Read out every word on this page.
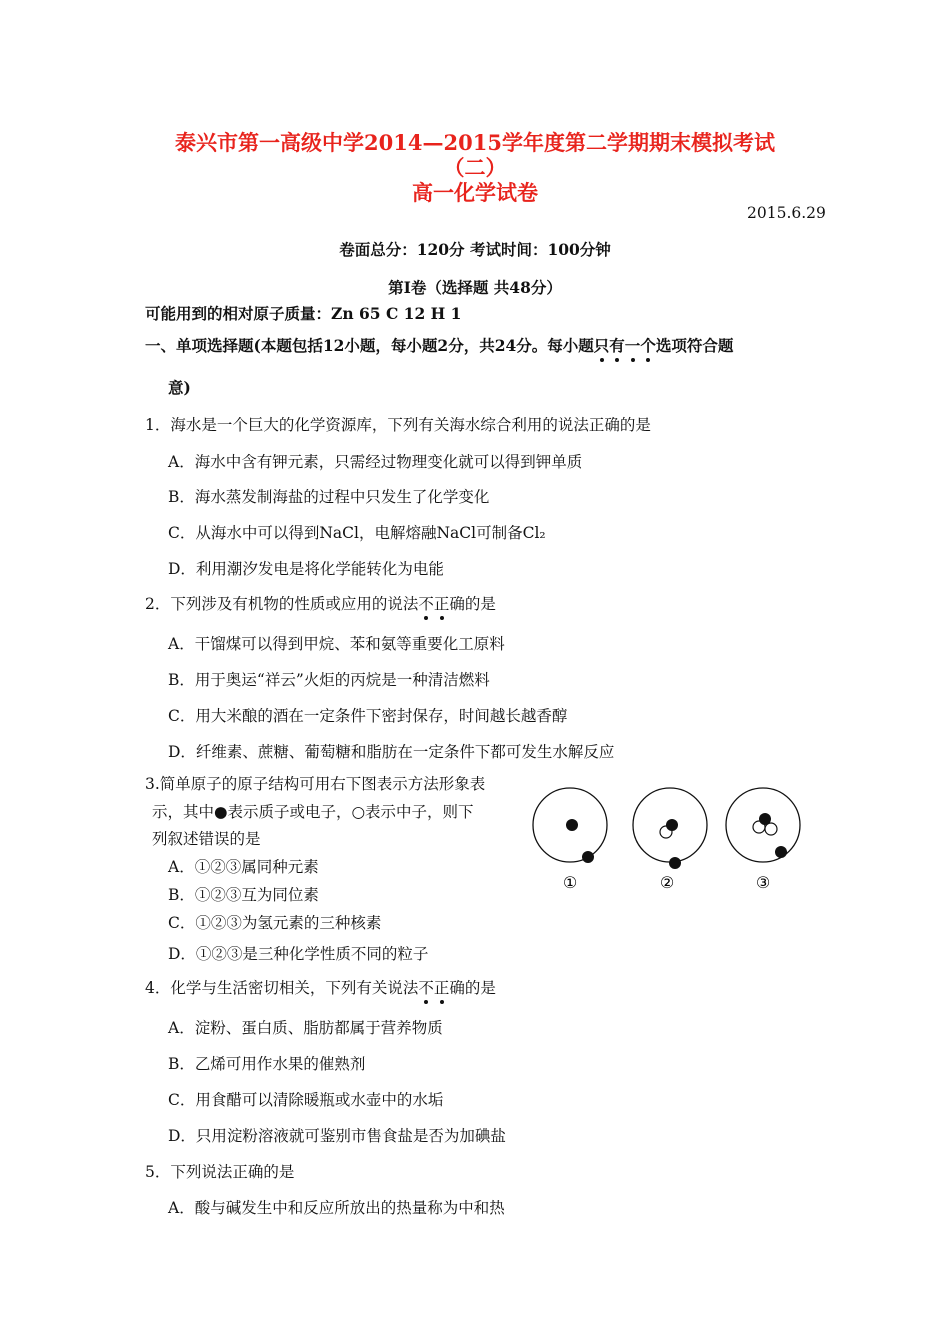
泰兴市第一高级中学2014—2015学年度第二学期期末模拟考试
（二）
高一化学试卷
2015.6.29
卷面总分：120分 考试时间：100分钟
第Ⅰ卷（选择题 共48分）
可能用到的相对原子质量：Zn 65 C 12 H 1
一、单项选择题(本题包括12小题，每小题2分，共24分。每小题只有一个选项符合题
意)
1．海水是一个巨大的化学资源库，下列有关海水综合利用的说法正确的是
A．海水中含有钾元素，只需经过物理变化就可以得到钾单质
B．海水蒸发制海盐的过程中只发生了化学变化
C．从海水中可以得到NaCl，电解熔融NaCl可制备Cl₂
D．利用潮汐发电是将化学能转化为电能
2．下列涉及有机物的性质或应用的说法不正确的是
A．干馏煤可以得到甲烷、苯和氨等重要化工原料
B．用于奥运“祥云”火炬的丙烷是一种清洁燃料
C．用大米酿的酒在一定条件下密封保存，时间越长越香醇
D．纤维素、蔗糖、葡萄糖和脂肪在一定条件下都可发生水解反应
3.简单原子的原子结构可用右下图表示方法形象表
示，其中●表示质子或电子，○表示中子，则下
列叙述错误的是
A．①②③属同种元素
B．①②③互为同位素
C．①②③为氢元素的三种核素
D．①②③是三种化学性质不同的粒子
①	②	③
4．化学与生活密切相关，下列有关说法不正确的是
A．淀粉、蛋白质、脂肪都属于营养物质
B．乙烯可用作水果的催熟剂
C．用食醋可以清除暖瓶或水壶中的水垢
D．只用淀粉溶液就可鉴别市售食盐是否为加碘盐
5．下列说法正确的是
A．酸与碱发生中和反应所放出的热量称为中和热
